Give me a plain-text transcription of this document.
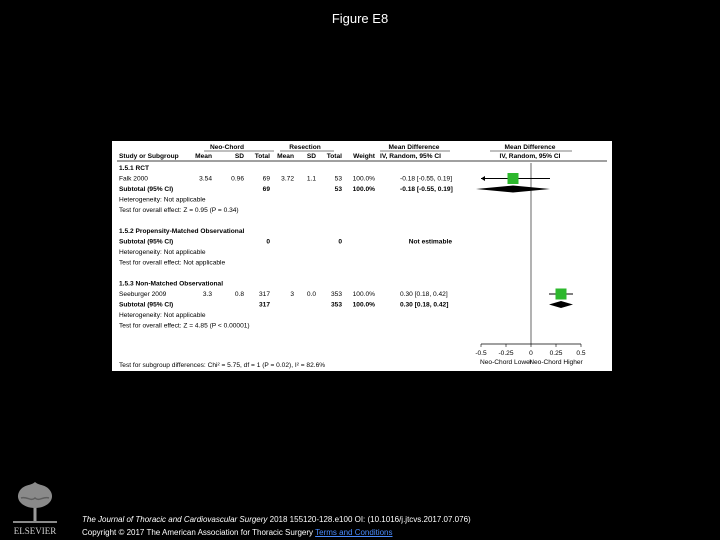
Figure E8
Neo-Chord	Resection	Mean Difference	Mean Difference
Study or Subgroup Mean	SD Total Mean SD Total Weight IV, Random, 95% CI	IV, Random, 95% CI
1.5.1 RCT
Falk 2000	3.54	0.96	69 3.72 1.1	53 100.0%	-0.18 [-0.55, 0.19]
Subtotal (95% CI)	69	53 100.0%	-0.18 [-0.55, 0.19]
Heterogeneity: Not applicable
Test for overall effect: Z = 0.95 (P = 0.34)
1.5.2 Propensity-Matched Observational
Subtotal (95% CI)	0	0	Not estimable
Heterogeneity: Not applicable
Test for overall effect: Not applicable
1.5.3 Non-Matched Observational
Seeburger 2009	3.3	0.8 317	3 0.0 353 100.0%	0.30 [0.18, 0.42]
Subtotal (95% CI)	317	353 100.0%	0.30 [0.18, 0.42]
Heterogeneity: Not applicable
Test for overall effect: Z = 4.85 (P < 0.00001)
-0.5 -0.25 0	0.25 0.5
Neo-Chord Lower
Neo-Chord Higher
Test for subgroup differences: Chi² = 5.75, df = 1 (P = 0.02), I² = 82.6%
ELSEVIER
The Journal of Thoracic and Cardiovascular Surgery 2018 155120-128.e100 OI: (10.1016/j.jtcvs.2017.07.076)
Copyright © 2017 The American Association for Thoracic Surgery Terms and Conditions
